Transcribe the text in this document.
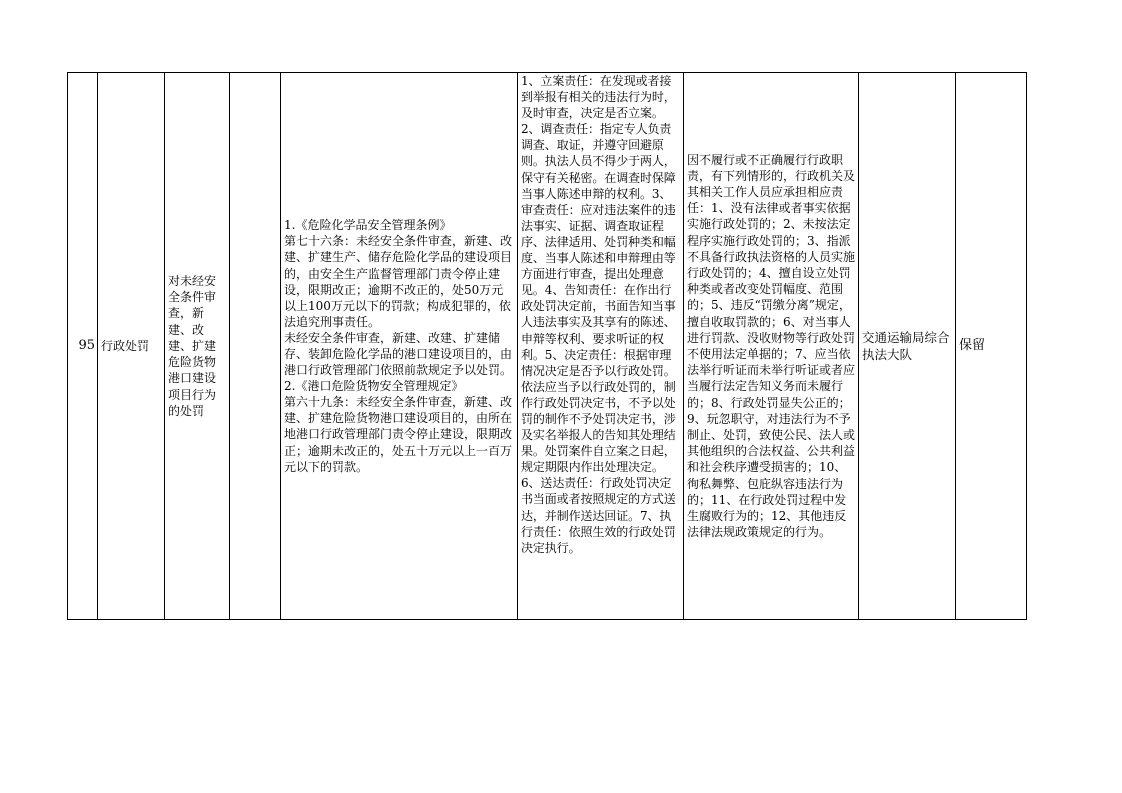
95 行政处罚
对未经安全条件审查，新建、改建、扩建危险货物港口建设项目行为的处罚

1.《危险化学品安全管理条例》

第七十六条：未经安全条件审查，新建、改建、扩建生产、储存危险化学品的建设项目的，由安全生产监督管理部门责令停止建设，限期改正；逾期不改正的，处50万元以上100万元以下的罚款；构成犯罪的，依法追究刑事责任。

未经安全条件审查，新建、改建、扩建储存、装卸危险化学品的港口建设项目的，由港口行政管理部门依照前款规定予以处罚。

2.《港口危险货物安全管理规定》

第六十九条：未经安全条件审查，新建、改建、扩建危险货物港口建设项目的，由所在地港口行政管理部门责令停止建设，限期改正；逾期未改正的，处五十万元以上一百万元以下的罚款。

1、立案责任：在发现或者接到举报有相关的违法行为时，及时审查，决定是否立案。2、调查责任：指定专人负责调查、取证，并遵守回避原则。执法人员不得少于两人，保守有关秘密。在调查时保障当事人陈述申辩的权利。3、审查责任：应对违法案件的违法事实、证据、调查取证程序、法律适用、处罚种类和幅度、当事人陈述和申辩理由等方面进行审查，提出处理意见。4、告知责任：在作出行政处罚决定前，书面告知当事人违法事实及其享有的陈述、申辩等权利、要求听证的权利。5、决定责任：根据审理情况决定是否予以行政处罚。依法应当予以行政处罚的，制作行政处罚决定书，不予以处罚的制作不予处罚决定书，涉及实名举报人的告知其处理结果。处罚案件自立案之日起，规定期限内作出处理决定。

6、送达责任：行政处罚决定书当面或者按照规定的方式送达，并制作送达回证。7、执行责任：依照生效的行政处罚决定执行。

因不履行或不正确履行行政职责，有下列情形的，行政机关及其相关工作人员应承担相应责任：1、没有法律或者事实依据实施行政处罚的；2、未按法定程序实施行政处罚的；3、指派不具备行政执法资格的人员实施行政处罚的；4、擅自设立处罚种类或者改变处罚幅度、范围的；5、违反“罚缴分离”规定，擅自收取罚款的；6、对当事人进行罚款、没收财物等行政处罚不使用法定单据的；7、应当依法举行听证而未举行听证或者应当履行法定告知义务而未履行的；8、行政处罚显失公正的；9、玩忽职守，对违法行为不予制止、处罚，致使公民、法人或其他组织的合法权益、公共利益和社会秩序遭受损害的；10、徇私舞弊、包庇纵容违法行为的；11、在行政处罚过程中发生腐败行为的；12、其他违反法律法规政策规定的行为。
交通运输局综合执法大队
保留
